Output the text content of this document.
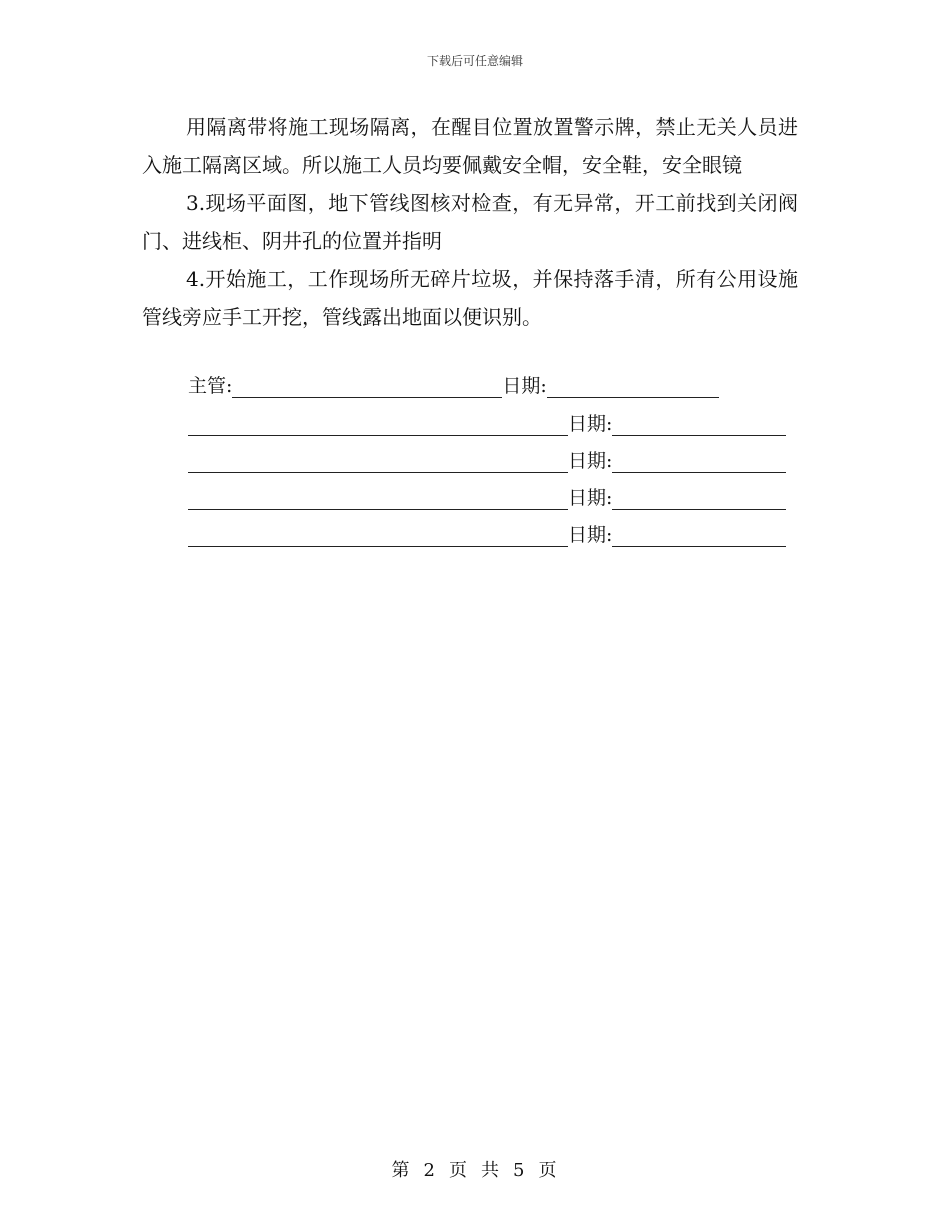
下载后可任意编辑

用隔离带将施工现场隔离，在醒目位置放置警示牌，禁止无关人员进入施工隔离区域。所以施工人员均要佩戴安全帽，安全鞋，安全眼镜

3.现场平面图，地下管线图核对检查，有无异常，开工前找到关闭阀门、进线柜、阴井孔的位置并指明

4.开始施工，工作现场所无碎片垃圾，并保持落手清，所有公用设施管线旁应手工开挖，管线露出地面以便识别。

主管:	日期:
日期:
日期:
日期:
日期:
第 2 页 共 5 页
